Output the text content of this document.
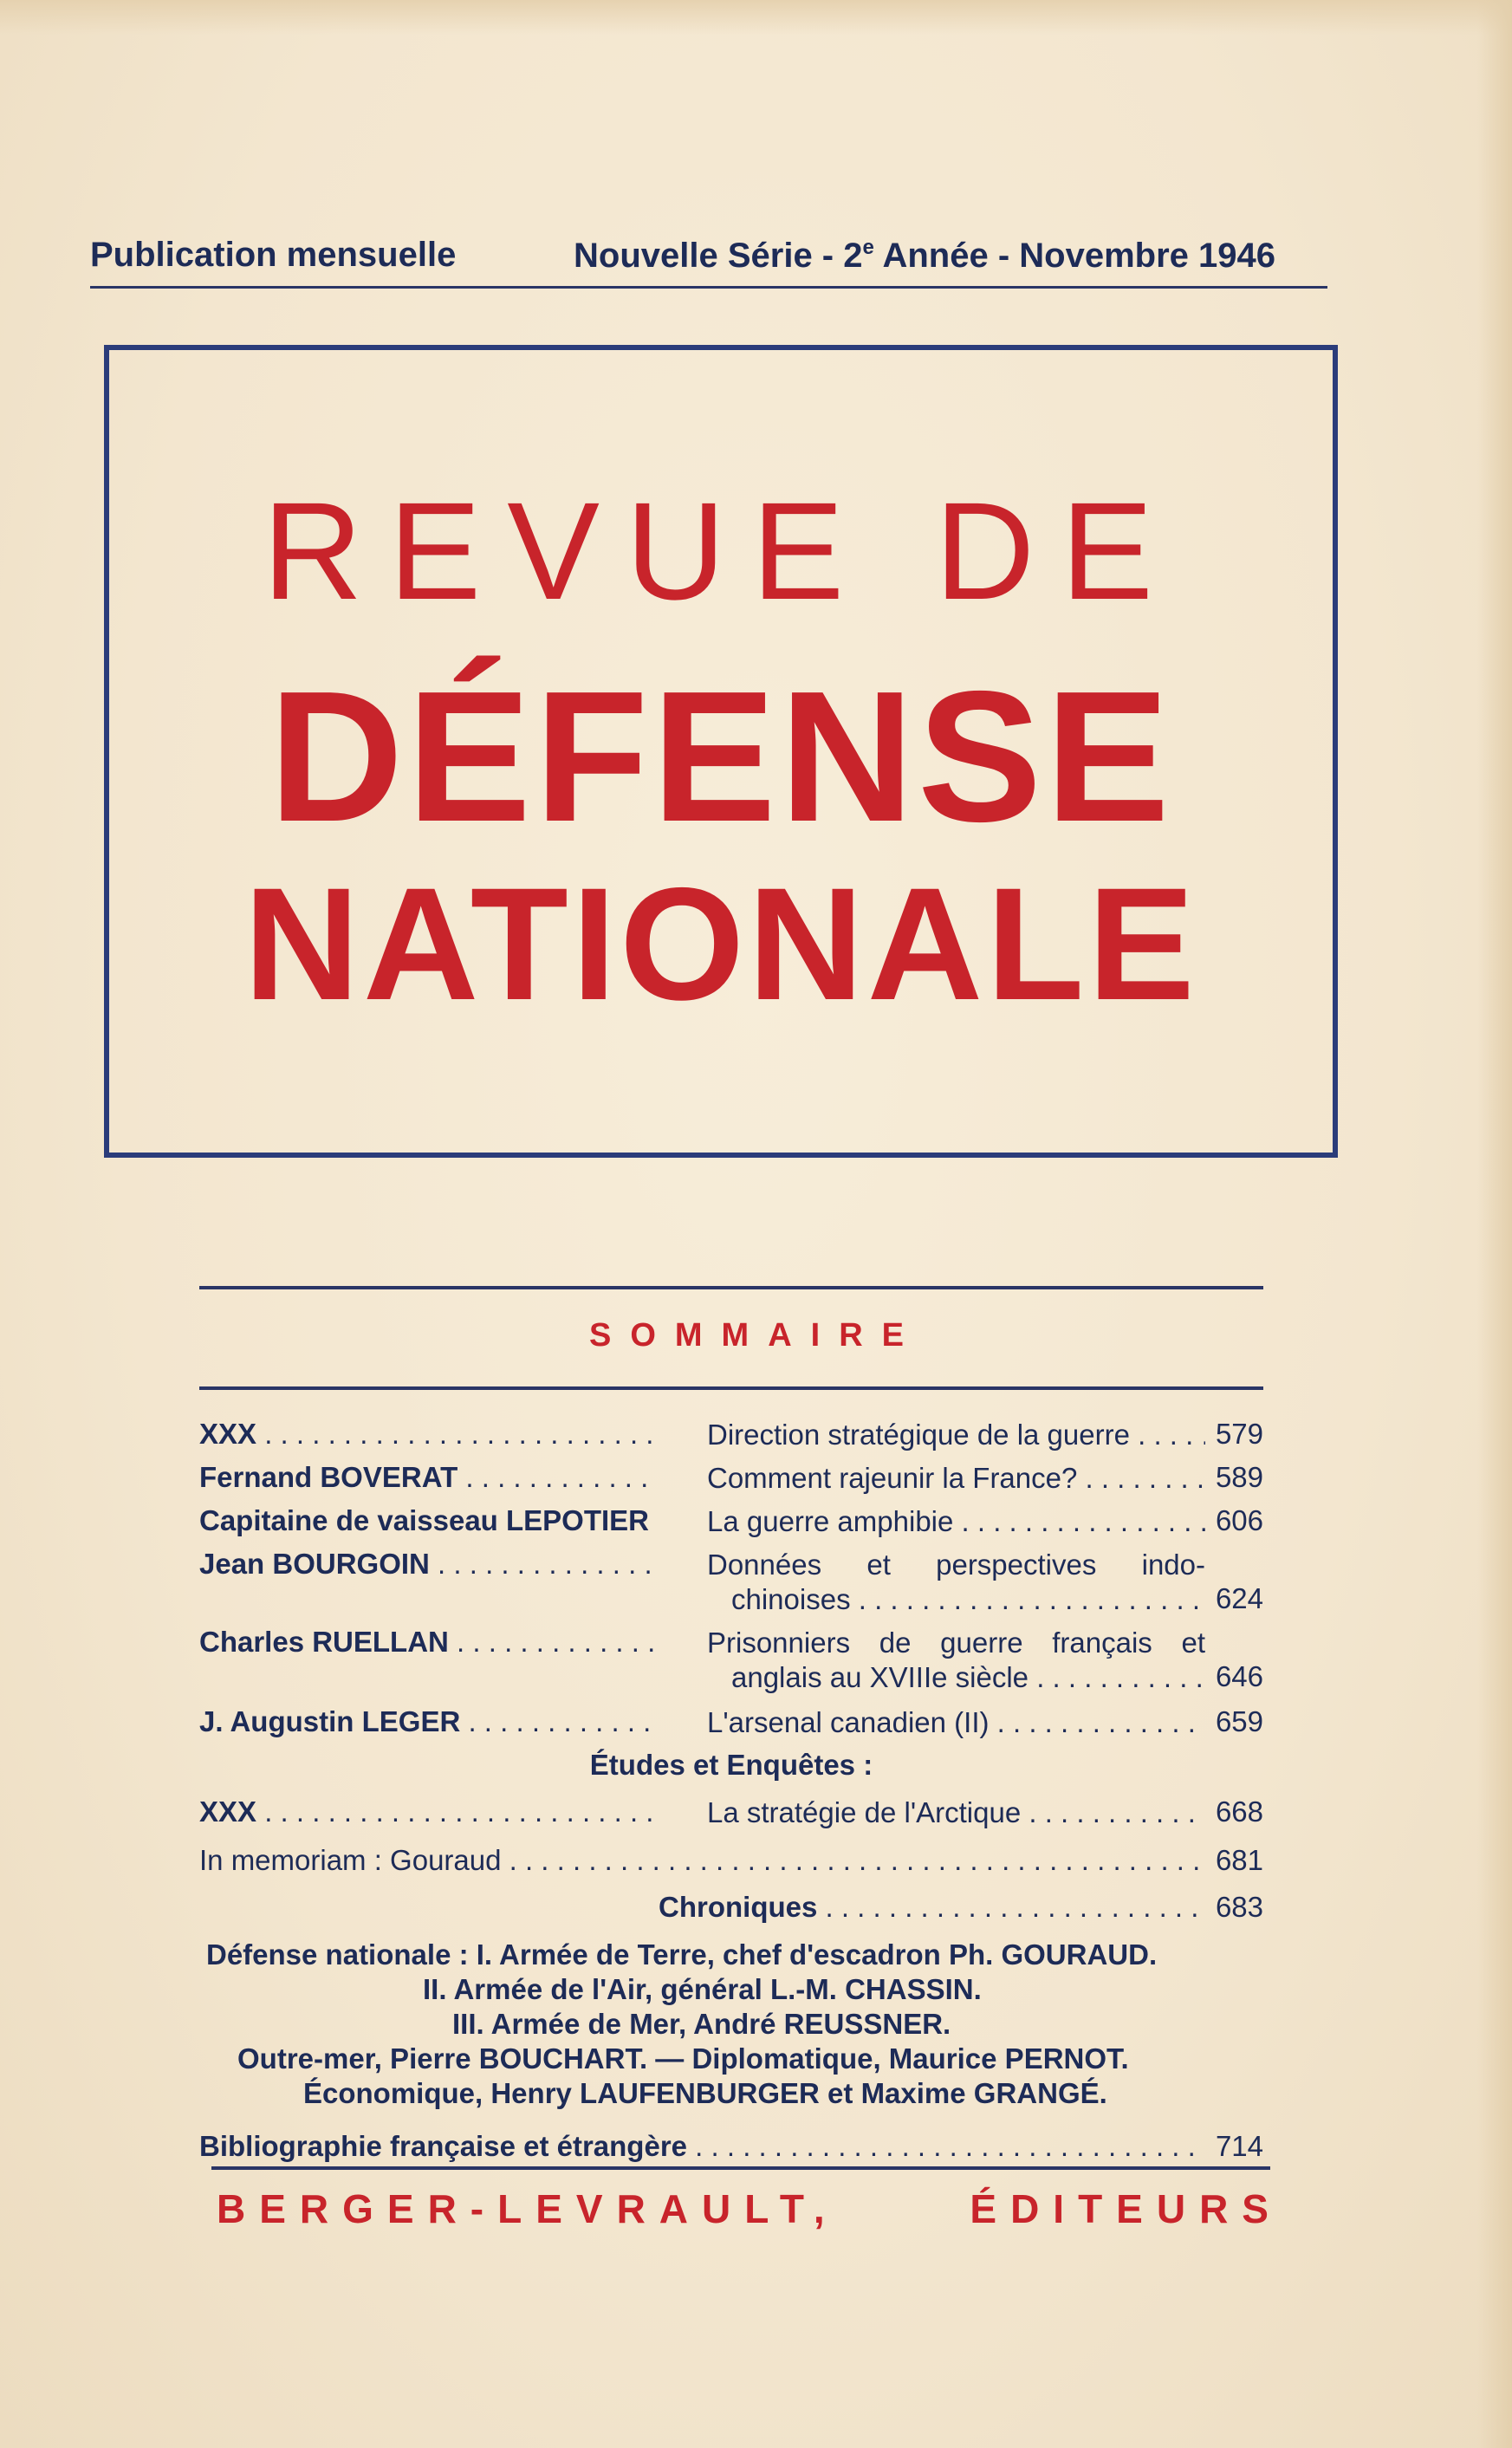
Publication mensuelle	Nouvelle Série - 2e Année - Novembre 1946
REVUE DE
DÉFENSE
NATIONALE
SOMMAIRE
XXX . . .	Direction stratégique de la guerre . . .	579
Fernand BOVERAT . . .	Comment rajeunir la France? . . .	589
Capitaine de vaisseau LEPOTIER . . .	La guerre amphibie . . .	606
Jean BOURGOIN . . .	Données et perspectives indo-
chinoises . . .	624
Charles RUELLAN . . .	Prisonniers de guerre français et
anglais au XVIIIe siècle . . .	646
J. Augustin LEGER . . .	L'arsenal canadien (II) . . .	659
Études et Enquêtes :
XXX . . .	La stratégie de l'Arctique . . .	668
In memoriam : Gouraud . . .	681
Chroniques . . .	683
Défense nationale : I. Armée de Terre, chef d'escadron Ph. GOURAUD.
II. Armée de l'Air, général L.-M. CHASSIN.
III. Armée de Mer, André REUSSNER.
Outre-mer, Pierre BOUCHART. — Diplomatique, Maurice PERNOT.
Économique, Henry LAUFENBURGER et Maxime GRANGÉ.
Bibliographie française et étrangère . . .	714
BERGER-LEVRAULT,	ÉDITEURS
